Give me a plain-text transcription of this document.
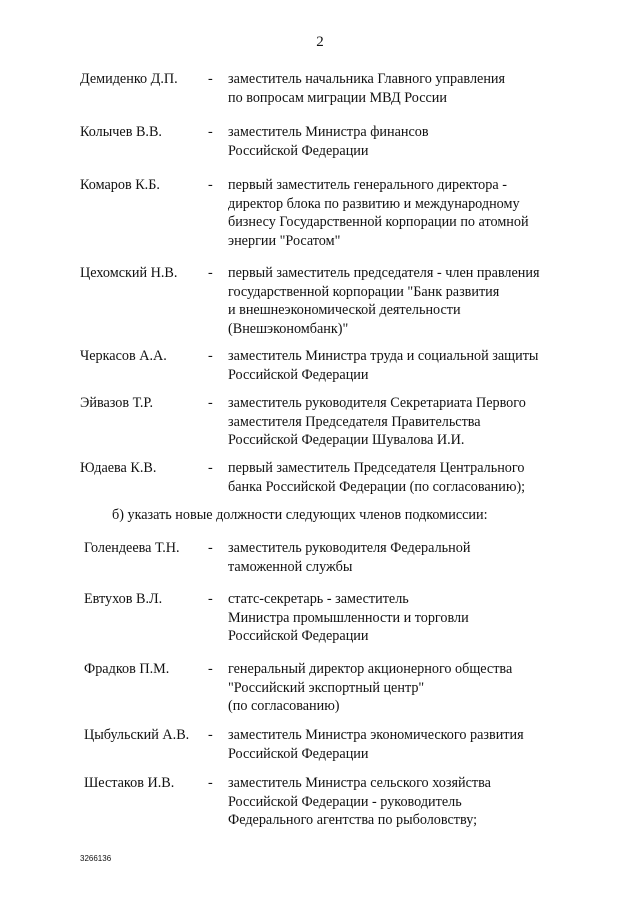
2
Демиденко Д.П. - заместитель начальника Главного управления
по вопросам миграции МВД России
Колычев В.В.	- заместитель Министра финансов
Российской Федерации
Комаров К.Б.	- первый заместитель генерального директора -
директор блока по развитию и международному
бизнесу Государственной корпорации по атомной
энергии "Росатом"
Цехомский Н.В. - первый заместитель председателя - член правления
государственной корпорации "Банк развития
и внешнеэкономической деятельности
(Внешэкономбанк)"
Черкасов А.А.	- заместитель Министра труда и социальной защиты
Российской Федерации
Эйвазов Т.Р.	- заместитель руководителя Секретариата Первого
заместителя Председателя Правительства
Российской Федерации Шувалова И.И.
Юдаева К.В.	- первый заместитель Председателя Центрального
банка Российской Федерации (по согласованию);
б) указать новые должности следующих членов подкомиссии:
Голендеева Т.Н. - заместитель руководителя Федеральной
таможенной службы
Евтухов В.Л.	- статс-секретарь - заместитель
Министра промышленности и торговли
Российской Федерации
Фрадков П.М.	- генеральный директор акционерного общества
"Российский экспортный центр"
(по согласованию)
Цыбульский А.В. - заместитель Министра экономического развития
Российской Федерации
Шестаков И.В. - заместитель Министра сельского хозяйства
Российской Федерации - руководитель
Федерального агентства по рыболовству;
3266136
